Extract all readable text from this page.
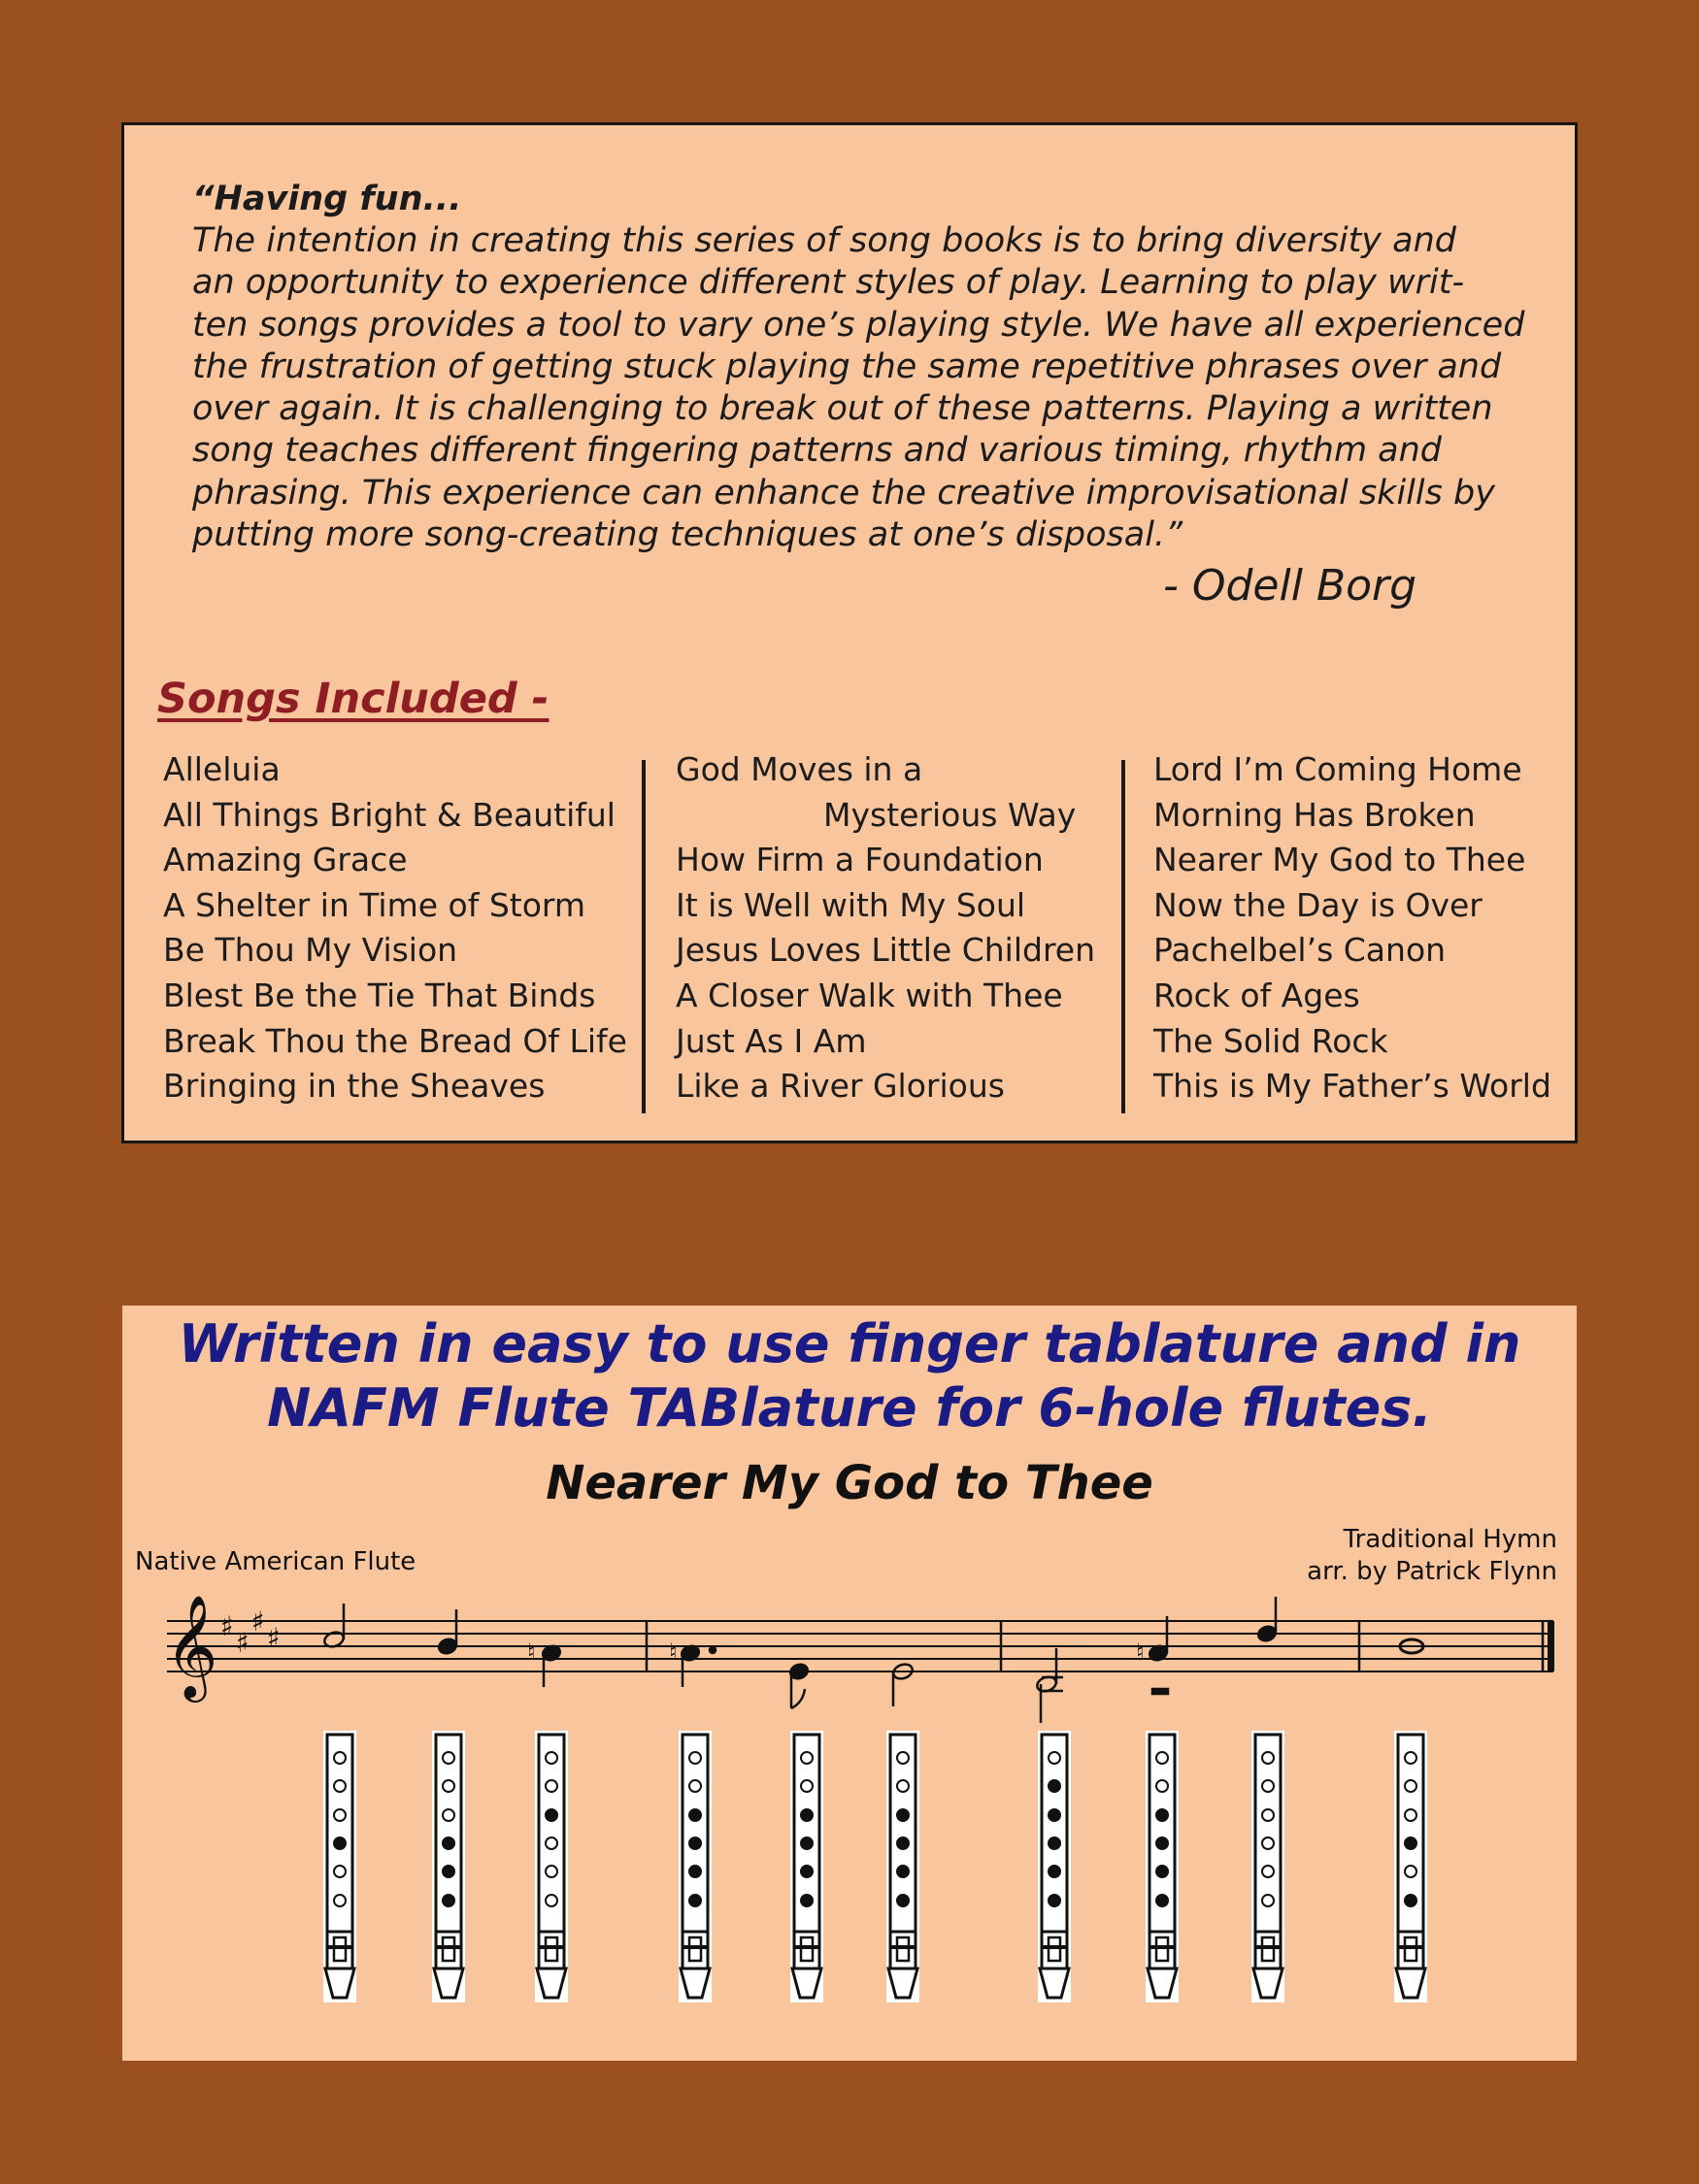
“Having fun...

The intention in creating this series of song books is to bring diversity and
an opportunity to experience different styles of play. Learning to play writ-
ten songs provides a tool to vary one’s playing style. We have all experienced
the frustration of getting stuck playing the same repetitive phrases over and
over again. It is challenging to break out of these patterns. Playing a written
song teaches different fingering patterns and various timing, rhythm and
phrasing. This experience can enhance the creative improvisational skills by
putting more song-creating techniques at one’s disposal.”

- Odell Borg

Songs Included -
Alleluia
All Things Bright & Beautiful
Amazing Grace
A Shelter in Time of Storm
Be Thou My Vision
Blest Be the Tie That Binds
Break Thou the Bread Of Life
Bringing in the Sheaves
God Moves in a
Mysterious Way
How Firm a Foundation
It is Well with My Soul
Jesus Loves Little Children
A Closer Walk with Thee
Just As I Am
Like a River Glorious
Lord I’m Coming Home
Morning Has Broken
Nearer My God to Thee
Now the Day is Over
Pachelbel’s Canon
Rock of Ages
The Solid Rock
This is My Father’s World
Written in easy to use finger tablature and in
NAFM Flute TABlature for 6-hole flutes.
Nearer My God to Thee

Native American Flute

Traditional Hymn
arr. by Patrick Flynn

𝄞 ♯
♯
♯
♯	♮	♮	♮
